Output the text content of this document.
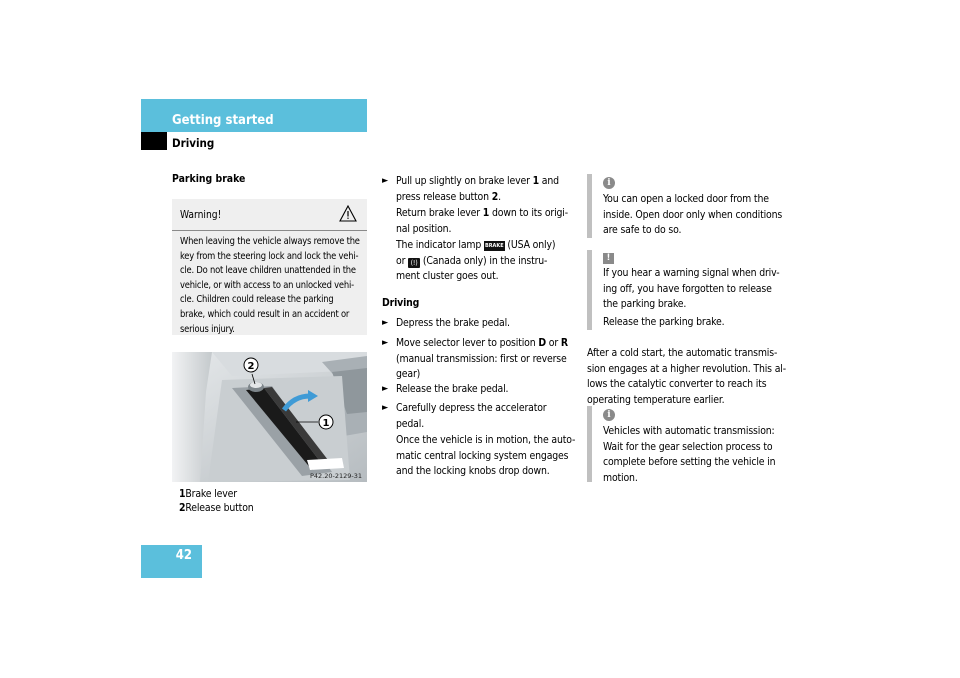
Getting started
Driving
Parking brake
Warning!
When leaving the vehicle always remove the
key from the steering lock and lock the vehi-
cle. Do not leave children unattended in the
vehicle, or with access to an unlocked vehi-
cle. Children could release the parking
brake, which could result in an accident or
serious injury.
2
1
P42.20-2129-31
1Brake lever
2Release button
► Pull up slightly on brake lever 1 and
press release button 2.
Return brake lever 1 down to its origi-
nal position.
The indicator lamp BRAKE (USA only)
or (!) (Canada only) in the instru-
ment cluster goes out.
Driving
► Depress the brake pedal.
► Move selector lever to position D or R
(manual transmission: first or reverse
gear)
► Release the brake pedal.
► Carefully depress the accelerator
pedal.
Once the vehicle is in motion, the auto-
matic central locking system engages
and the locking knobs drop down.
i
You can open a locked door from the
inside. Open door only when conditions
are safe to do so.
!
If you hear a warning signal when driv-
ing off, you have forgotten to release
the parking brake.
Release the parking brake.
After a cold start, the automatic transmis-
sion engages at a higher revolution. This al-
lows the catalytic converter to reach its
operating temperature earlier.
i
Vehicles with automatic transmission:
Wait for the gear selection process to
complete before setting the vehicle in
motion.
42
